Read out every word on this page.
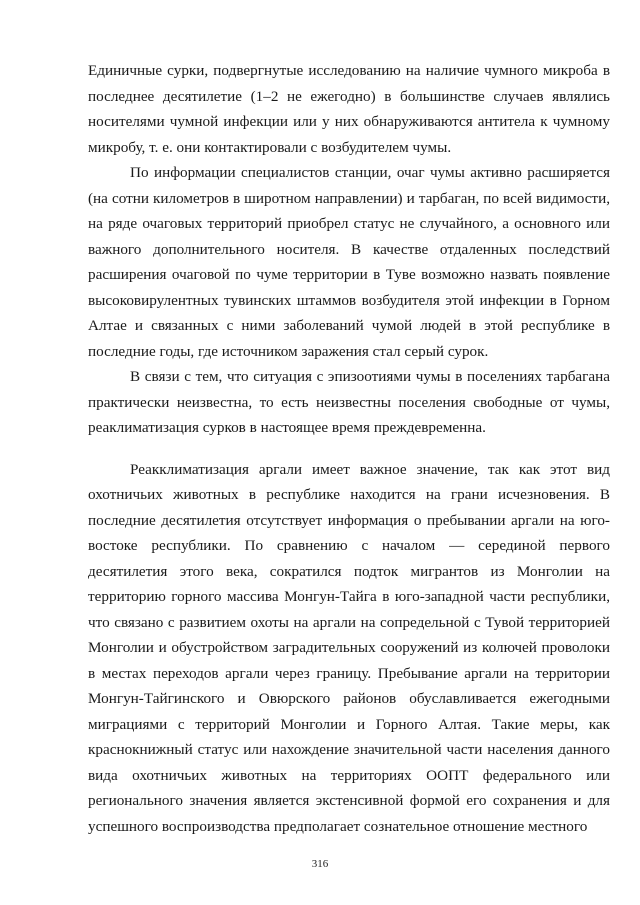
Единичные сурки, подвергнутые исследованию на наличие чумного микроба в последнее десятилетие (1–2 не ежегодно) в большинстве случаев являлись носителями чумной инфекции или у них обнаруживаются антитела к чумному микробу, т. е. они контактировали с возбудителем чумы.

По информации специалистов станции, очаг чумы активно расширяется (на сотни километров в широтном направлении) и тарбаган, по всей видимости, на ряде очаговых территорий приобрел статус не случайного, а основного или важного дополнительного носителя. В качестве отдаленных последствий расширения очаговой по чуме территории в Туве возможно назвать появление высоковирулентных тувинских штаммов возбудителя этой инфекции в Горном Алтае и связанных с ними заболеваний чумой людей в этой республике в последние годы, где источником заражения стал серый сурок.

В связи с тем, что ситуация с эпизоотиями чумы в поселениях тарбагана практически неизвестна, то есть неизвестны поселения свободные от чумы, реаклиматизация сурков в настоящее время преждевременна.

Реакклиматизация аргали имеет важное значение, так как этот вид охотничьих животных в республике находится на грани исчезновения. В последние десятилетия отсутствует информация о пребывании аргали на юго-востоке республики. По сравнению с началом — серединой первого десятилетия этого века, сократился подток мигрантов из Монголии на территорию горного массива Монгун-Тайга в юго-западной части республики, что связано с развитием охоты на аргали на сопредельной с Тувой территорией Монголии и обустройством заградительных сооружений из колючей проволоки в местах переходов аргали через границу. Пребывание аргали на территории Монгун-Тайгинского и Овюрского районов обуславливается ежегодными миграциями с территорий Монголии и Горного Алтая. Такие меры, как краснокнижный статус или нахождение значительной части населения данного вида охотничьих животных на территориях ООПТ федерального или регионального значения является экстенсивной формой его сохранения и для успешного воспроизводства предполагает сознательное отношение местного

316
